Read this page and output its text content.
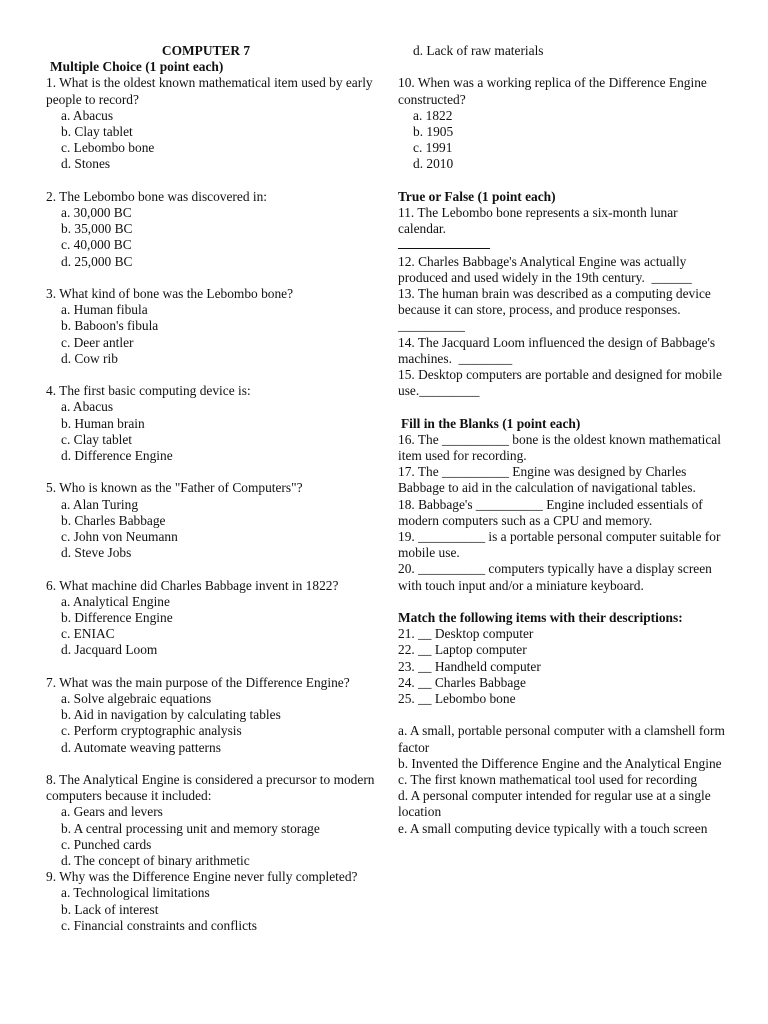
COMPUTER 7
Multiple Choice (1 point each)

1. What is the oldest known mathematical item used by early people to record?

a. Abacus
b. Clay tablet
c. Lebombo bone
d. Stones

2. The Lebombo bone was discovered in:

a. 30,000 BC
b. 35,000 BC
c. 40,000 BC
d. 25,000 BC

3. What kind of bone was the Lebombo bone?

a. Human fibula
b. Baboon's fibula
c. Deer antler
d. Cow rib

4. The first basic computing device is:

a. Abacus
b. Human brain
c. Clay tablet
d. Difference Engine

5. Who is known as the "Father of Computers"?

a. Alan Turing
b. Charles Babbage
c. John von Neumann
d. Steve Jobs

6. What machine did Charles Babbage invent in 1822?

a. Analytical Engine
b. Difference Engine
c. ENIAC
d. Jacquard Loom

7. What was the main purpose of the Difference Engine?

a. Solve algebraic equations
b. Aid in navigation by calculating tables
c. Perform cryptographic analysis
d. Automate weaving patterns

8. The Analytical Engine is considered a precursor to modern computers because it included:

a. Gears and levers
b. A central processing unit and memory storage
c. Punched cards
d. The concept of binary arithmetic

9. Why was the Difference Engine never fully completed?

a. Technological limitations
b. Lack of interest
c. Financial constraints and conflicts
d. Lack of raw materials

10. When was a working replica of the Difference Engine constructed?

a. 1822
b. 1905
c. 1991
d. 2010
True or False (1 point each)

11. The Lebombo bone represents a six-month lunar calendar.

12. Charles Babbage's Analytical Engine was actually produced and used widely in the 19th century. ______

13. The human brain was described as a computing device because it can store, process, and produce responses.  __________

14. The Jacquard Loom influenced the design of Babbage's machines. ________

15. Desktop computers are portable and designed for mobile use._________

Fill in the Blanks (1 point each)

16. The __________ bone is the oldest known mathematical item used for recording.

17. The __________ Engine was designed by Charles Babbage to aid in the calculation of navigational tables.

18. Babbage's __________ Engine included essentials of modern computers such as a CPU and memory.

19. __________ is a portable personal computer suitable for mobile use.

20. __________ computers typically have a display screen with touch input and/or a miniature keyboard.

Match the following items with their descriptions:

21. __ Desktop computer

22. __ Laptop computer

23. __ Handheld computer

24. __ Charles Babbage

25. __ Lebombo bone

a. A small, portable personal computer with a clamshell form factor

b. Invented the Difference Engine and the Analytical Engine

c. The first known mathematical tool used for recording

d. A personal computer intended for regular use at a single location

e. A small computing device typically with a touch screen
